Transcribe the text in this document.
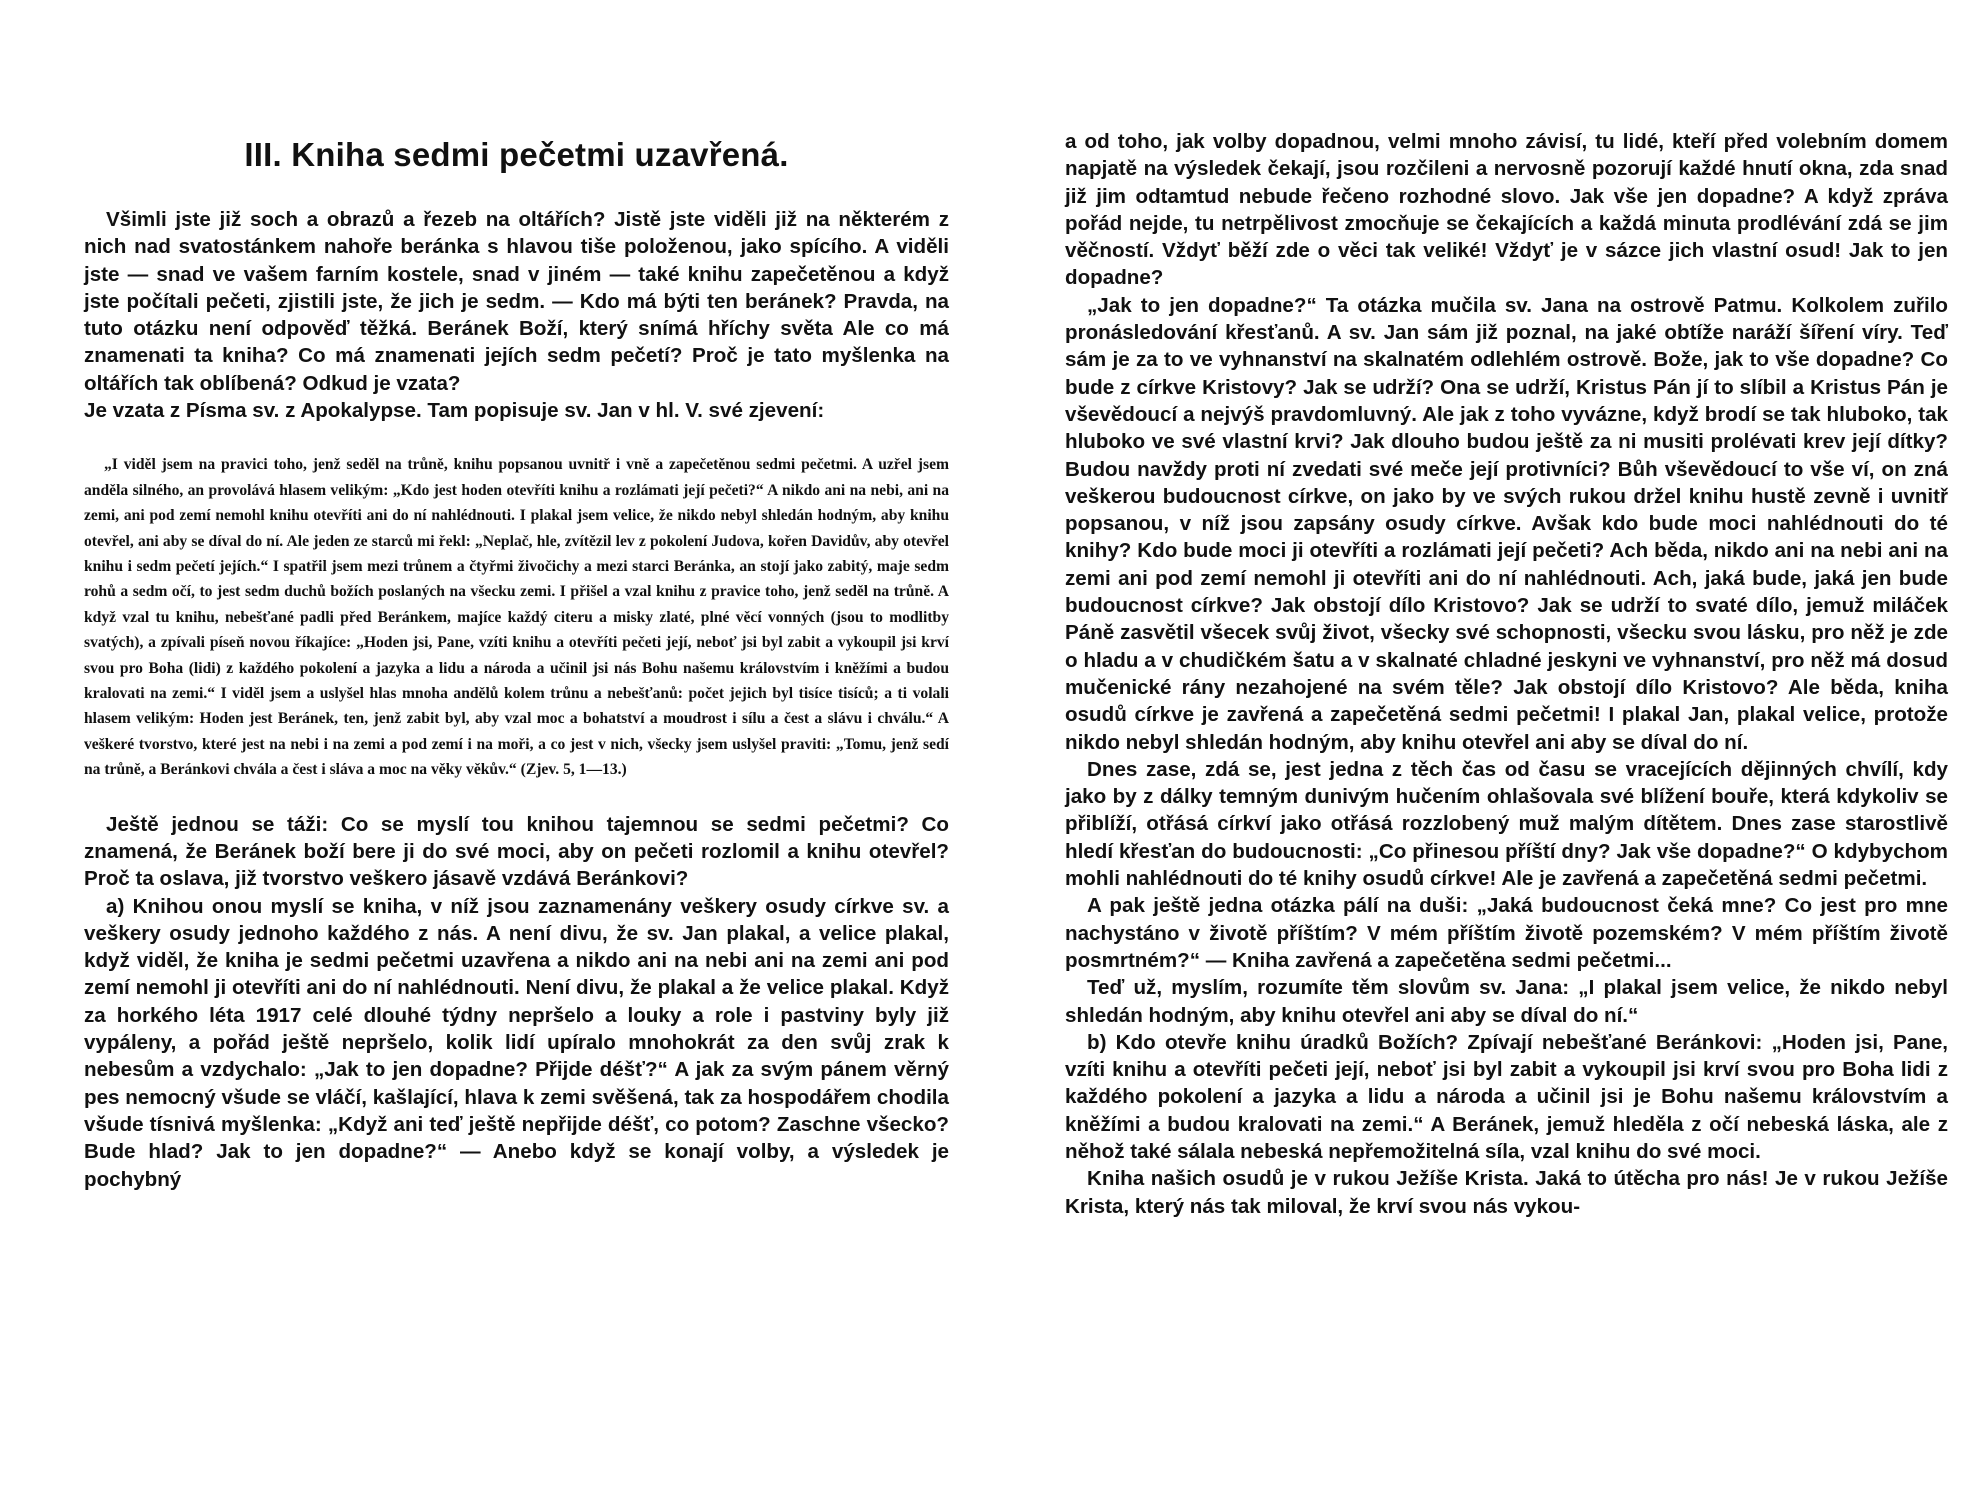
III. Kniha sedmi pečetmi uzavřená.

Všimli jste již soch a obrazů a řezeb na oltářích? Jistě jste viděli již na některém z nich nad svatostánkem nahoře beránka s hlavou tiše položenou, jako spícího. A viděli jste — snad ve vašem farním kostele, snad v jiném — také knihu zapečetěnou a když jste počítali pečeti, zjistili jste, že jich je sedm. — Kdo má býti ten beránek? Pravda, na tuto otázku není odpověď těžká. Beránek Boží, který snímá hříchy světa Ale co má znamenati ta kniha? Co má znamenati jejích sedm pečetí? Proč je tato myšlenka na oltářích tak oblíbená? Odkud je vzata?

Je vzata z Písma sv. z Apokalypse. Tam popisuje sv. Jan v hl. V. své zjevení:

„I viděl jsem na pravici toho, jenž seděl na trůně, knihu popsanou uvnitř i vně a zapečetěnou sedmi pečetmi. A uzřel jsem anděla silného, an provolává hlasem velikým: „Kdo jest hoden otevříti knihu a rozlámati její pečeti?“ A nikdo ani na nebi, ani na zemi, ani pod zemí nemohl knihu otevříti ani do ní nahlédnouti. I plakal jsem velice, že nikdo nebyl shledán hodným, aby knihu otevřel, ani aby se díval do ní. Ale jeden ze starců mi řekl: „Neplač, hle, zvítězil lev z pokolení Judova, kořen Davidův, aby otevřel knihu i sedm pečetí jejích.“ I spatřil jsem mezi trůnem a čtyřmi živočichy a mezi starci Beránka, an stojí jako zabitý, maje sedm rohů a sedm očí, to jest sedm duchů božích poslaných na všecku zemi. I přišel a vzal knihu z pravice toho, jenž seděl na trůně. A když vzal tu knihu, nebešťané padli před Beránkem, majíce každý citeru a misky zlaté, plné věcí vonných (jsou to modlitby svatých), a zpívali píseň novou říkajíce: „Hoden jsi, Pane, vzíti knihu a otevříti pečeti její, neboť jsi byl zabit a vykoupil jsi krví svou pro Boha (lidi) z každého pokolení a jazyka a lidu a národa a učinil jsi nás Bohu našemu královstvím i kněžími a budou kralovati na zemi.“ I viděl jsem a uslyšel hlas mnoha andělů kolem trůnu a nebešťanů: počet jejich byl tisíce tisíců; a ti volali hlasem velikým: Hoden jest Beránek, ten, jenž zabit byl, aby vzal moc a bohatství a moudrost i sílu a čest a slávu i chválu.“ A veškeré tvorstvo, které jest na nebi i na zemi a pod zemí i na moři, a co jest v nich, všecky jsem uslyšel praviti: „Tomu, jenž sedí na trůně, a Beránkovi chvála a čest i sláva a moc na věky věkův.“ (Zjev. 5, 1—13.)

Ještě jednou se táži: Co se myslí tou knihou tajemnou se sedmi pečetmi? Co znamená, že Beránek boží bere ji do své moci, aby on pečeti rozlomil a knihu otevřel? Proč ta oslava, již tvorstvo veškero jásavě vzdává Beránkovi?

a) Knihou onou myslí se kniha, v níž jsou zaznamenány veškery osudy církve sv. a veškery osudy jednoho každého z nás. A není divu, že sv. Jan plakal, a velice plakal, když viděl, že kniha je sedmi pečetmi uzavřena a nikdo ani na nebi ani na zemi ani pod zemí nemohl ji otevříti ani do ní nahlédnouti. Není divu, že plakal a že velice plakal. Když za horkého léta 1917 celé dlouhé týdny nepršelo a louky a role i pastviny byly již vypáleny, a pořád ještě nepršelo, kolik lidí upíralo mnohokrát za den svůj zrak k nebesům a vzdychalo: „Jak to jen dopadne? Přijde déšť?“ A jak za svým pánem věrný pes nemocný všude se vláčí, kašlající, hlava k zemi svěšená, tak za hospodářem chodila všude tísnivá myšlenka: „Když ani teď ještě nepřijde déšť, co potom? Zaschne všecko? Bude hlad? Jak to jen dopadne?“ — Anebo když se konají volby, a výsledek je pochybný

a od toho, jak volby dopadnou, velmi mnoho závisí, tu lidé, kteří před volebním domem napjatě na výsledek čekají, jsou rozčileni a nervosně pozorují každé hnutí okna, zda snad již jim odtamtud nebude řečeno rozhodné slovo. Jak vše jen dopadne? A když zpráva pořád nejde, tu netrpělivost zmocňuje se čekajících a každá minuta prodlévání zdá se jim věčností. Vždyť běží zde o věci tak veliké! Vždyť je v sázce jich vlastní osud! Jak to jen dopadne?

„Jak to jen dopadne?“ Ta otázka mučila sv. Jana na ostrově Patmu. Kolkolem zuřilo pronásledování křesťanů. A sv. Jan sám již poznal, na jaké obtíže naráží šíření víry. Teď sám je za to ve vyhnanství na skalnatém odlehlém ostrově. Bože, jak to vše dopadne? Co bude z církve Kristovy? Jak se udrží? Ona se udrží, Kristus Pán jí to slíbil a Kristus Pán je vševědoucí a nejvýš pravdomluvný. Ale jak z toho vyvázne, když brodí se tak hluboko, tak hluboko ve své vlastní krvi? Jak dlouho budou ještě za ni musiti prolévati krev její dítky? Budou navždy proti ní zvedati své meče její protivníci? Bůh vševědoucí to vše ví, on zná veškerou budoucnost církve, on jako by ve svých rukou držel knihu hustě zevně i uvnitř popsanou, v níž jsou zapsány osudy církve. Avšak kdo bude moci nahlédnouti do té knihy? Kdo bude moci ji otevříti a rozlámati její pečeti? Ach běda, nikdo ani na nebi ani na zemi ani pod zemí nemohl ji otevříti ani do ní nahlédnouti. Ach, jaká bude, jaká jen bude budoucnost církve? Jak obstojí dílo Kristovo? Jak se udrží to svaté dílo, jemuž miláček Páně zasvětil všecek svůj život, všecky své schopnosti, všecku svou lásku, pro něž je zde o hladu a v chudičkém šatu a v skalnaté chladné jeskyni ve vyhnanství, pro něž má dosud mučenické rány nezahojené na svém těle? Jak obstojí dílo Kristovo? Ale běda, kniha osudů církve je zavřená a zapečetěná sedmi pečetmi! I plakal Jan, plakal velice, protože nikdo nebyl shledán hodným, aby knihu otevřel ani aby se díval do ní.

Dnes zase, zdá se, jest jedna z těch čas od času se vracejících dějinných chvílí, kdy jako by z dálky temným dunivým hučením ohlašovala své blížení bouře, která kdykoliv se přiblíží, otřásá církví jako otřásá rozzlobený muž malým dítětem. Dnes zase starostlivě hledí křesťan do budoucnosti: „Co přinesou příští dny? Jak vše dopadne?“ O kdybychom mohli nahlédnouti do té knihy osudů církve! Ale je zavřená a zapečetěná sedmi pečetmi.

A pak ještě jedna otázka pálí na duši: „Jaká budoucnost čeká mne? Co jest pro mne nachystáno v životě příštím? V mém příštím životě pozemském? V mém příštím životě posmrtném?“ — Kniha zavřená a zapečetěna sedmi pečetmi...

Teď už, myslím, rozumíte těm slovům sv. Jana: „I plakal jsem velice, že nikdo nebyl shledán hodným, aby knihu otevřel ani aby se díval do ní.“

b) Kdo otevře knihu úradků Božích? Zpívají nebešťané Beránkovi: „Hoden jsi, Pane, vzíti knihu a otevříti pečeti její, neboť jsi byl zabit a vykoupil jsi krví svou pro Boha lidi z každého pokolení a jazyka a lidu a národa a učinil jsi je Bohu našemu královstvím a kněžími a budou kralovati na zemi.“ A Beránek, jemuž hleděla z očí nebeská láska, ale z něhož také sálala nebeská nepřemožitelná síla, vzal knihu do své moci.

Kniha našich osudů je v rukou Ježíše Krista. Jaká to útěcha pro nás! Je v rukou Ježíše Krista, který nás tak miloval, že krví svou nás vykou-
